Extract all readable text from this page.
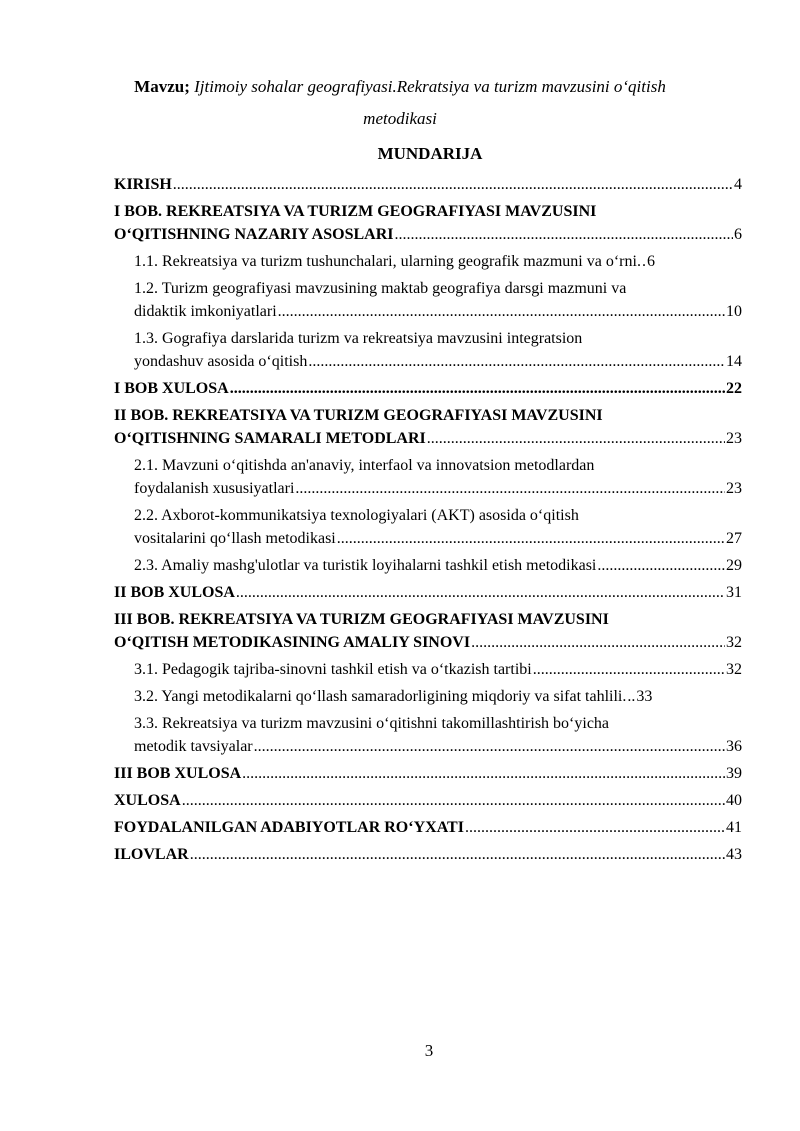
Mavzu; Ijtimoiy sohalar geografiyasi.Rekratsiya va turizm mavzusini o‘qitish
metodikasi
MUNDARIJA
KIRISH .....	4
I BOB. REKREATSIYA VA TURIZM GEOGRAFIYASI MAVZUSINI
O‘QITISHNING NAZARIY ASOSLARI .....	6
1.1. Rekreatsiya va turizm tushunchalari, ularning geografik mazmuni va o‘rni. ..... 6
1.2. Turizm geografiyasi mavzusining maktab geografiya darsgi mazmuni va
didaktik imkoniyatlari .....	10
1.3. Gografiya darslarida turizm va rekreatsiya mavzusini integratsion
yondashuv asosida o‘qitish .....	14
I BOB XULOSA .....	22
II BOB. REKREATSIYA VA TURIZM GEOGRAFIYASI MAVZUSINI
O‘QITISHNING SAMARALI METODLARI .....	23
2.1. Mavzuni o‘qitishda an'anaviy, interfaol va innovatsion metodlardan
foydalanish xususiyatlari .....	23
2.2. Axborot-kommunikatsiya texnologiyalari (AKT) asosida o‘qitish
vositalarini qo‘llash metodikasi .....	27
2.3. Amaliy mashg'ulotlar va turistik loyihalarni tashkil etish metodikasi .....	29
II BOB XULOSA .....	31
III BOB. REKREATSIYA VA TURIZM GEOGRAFIYASI MAVZUSINI
O‘QITISH METODIKASINING AMALIY SINOVI .....	32
3.1. Pedagogik tajriba-sinovni tashkil etish va o‘tkazish tartibi .....	32
3.2. Yangi metodikalarni qo‘llash samaradorligining miqdoriy va sifat tahlili. ..... 33
3.3. Rekreatsiya va turizm mavzusini o‘qitishni takomillashtirish bo‘yicha
metodik tavsiyalar .....	36
III BOB XULOSA .....	39
XULOSA .....	40
FOYDALANILGAN ADABIYOTLAR RO‘YXATI .....	41
ILOVLAR .....	43
3
